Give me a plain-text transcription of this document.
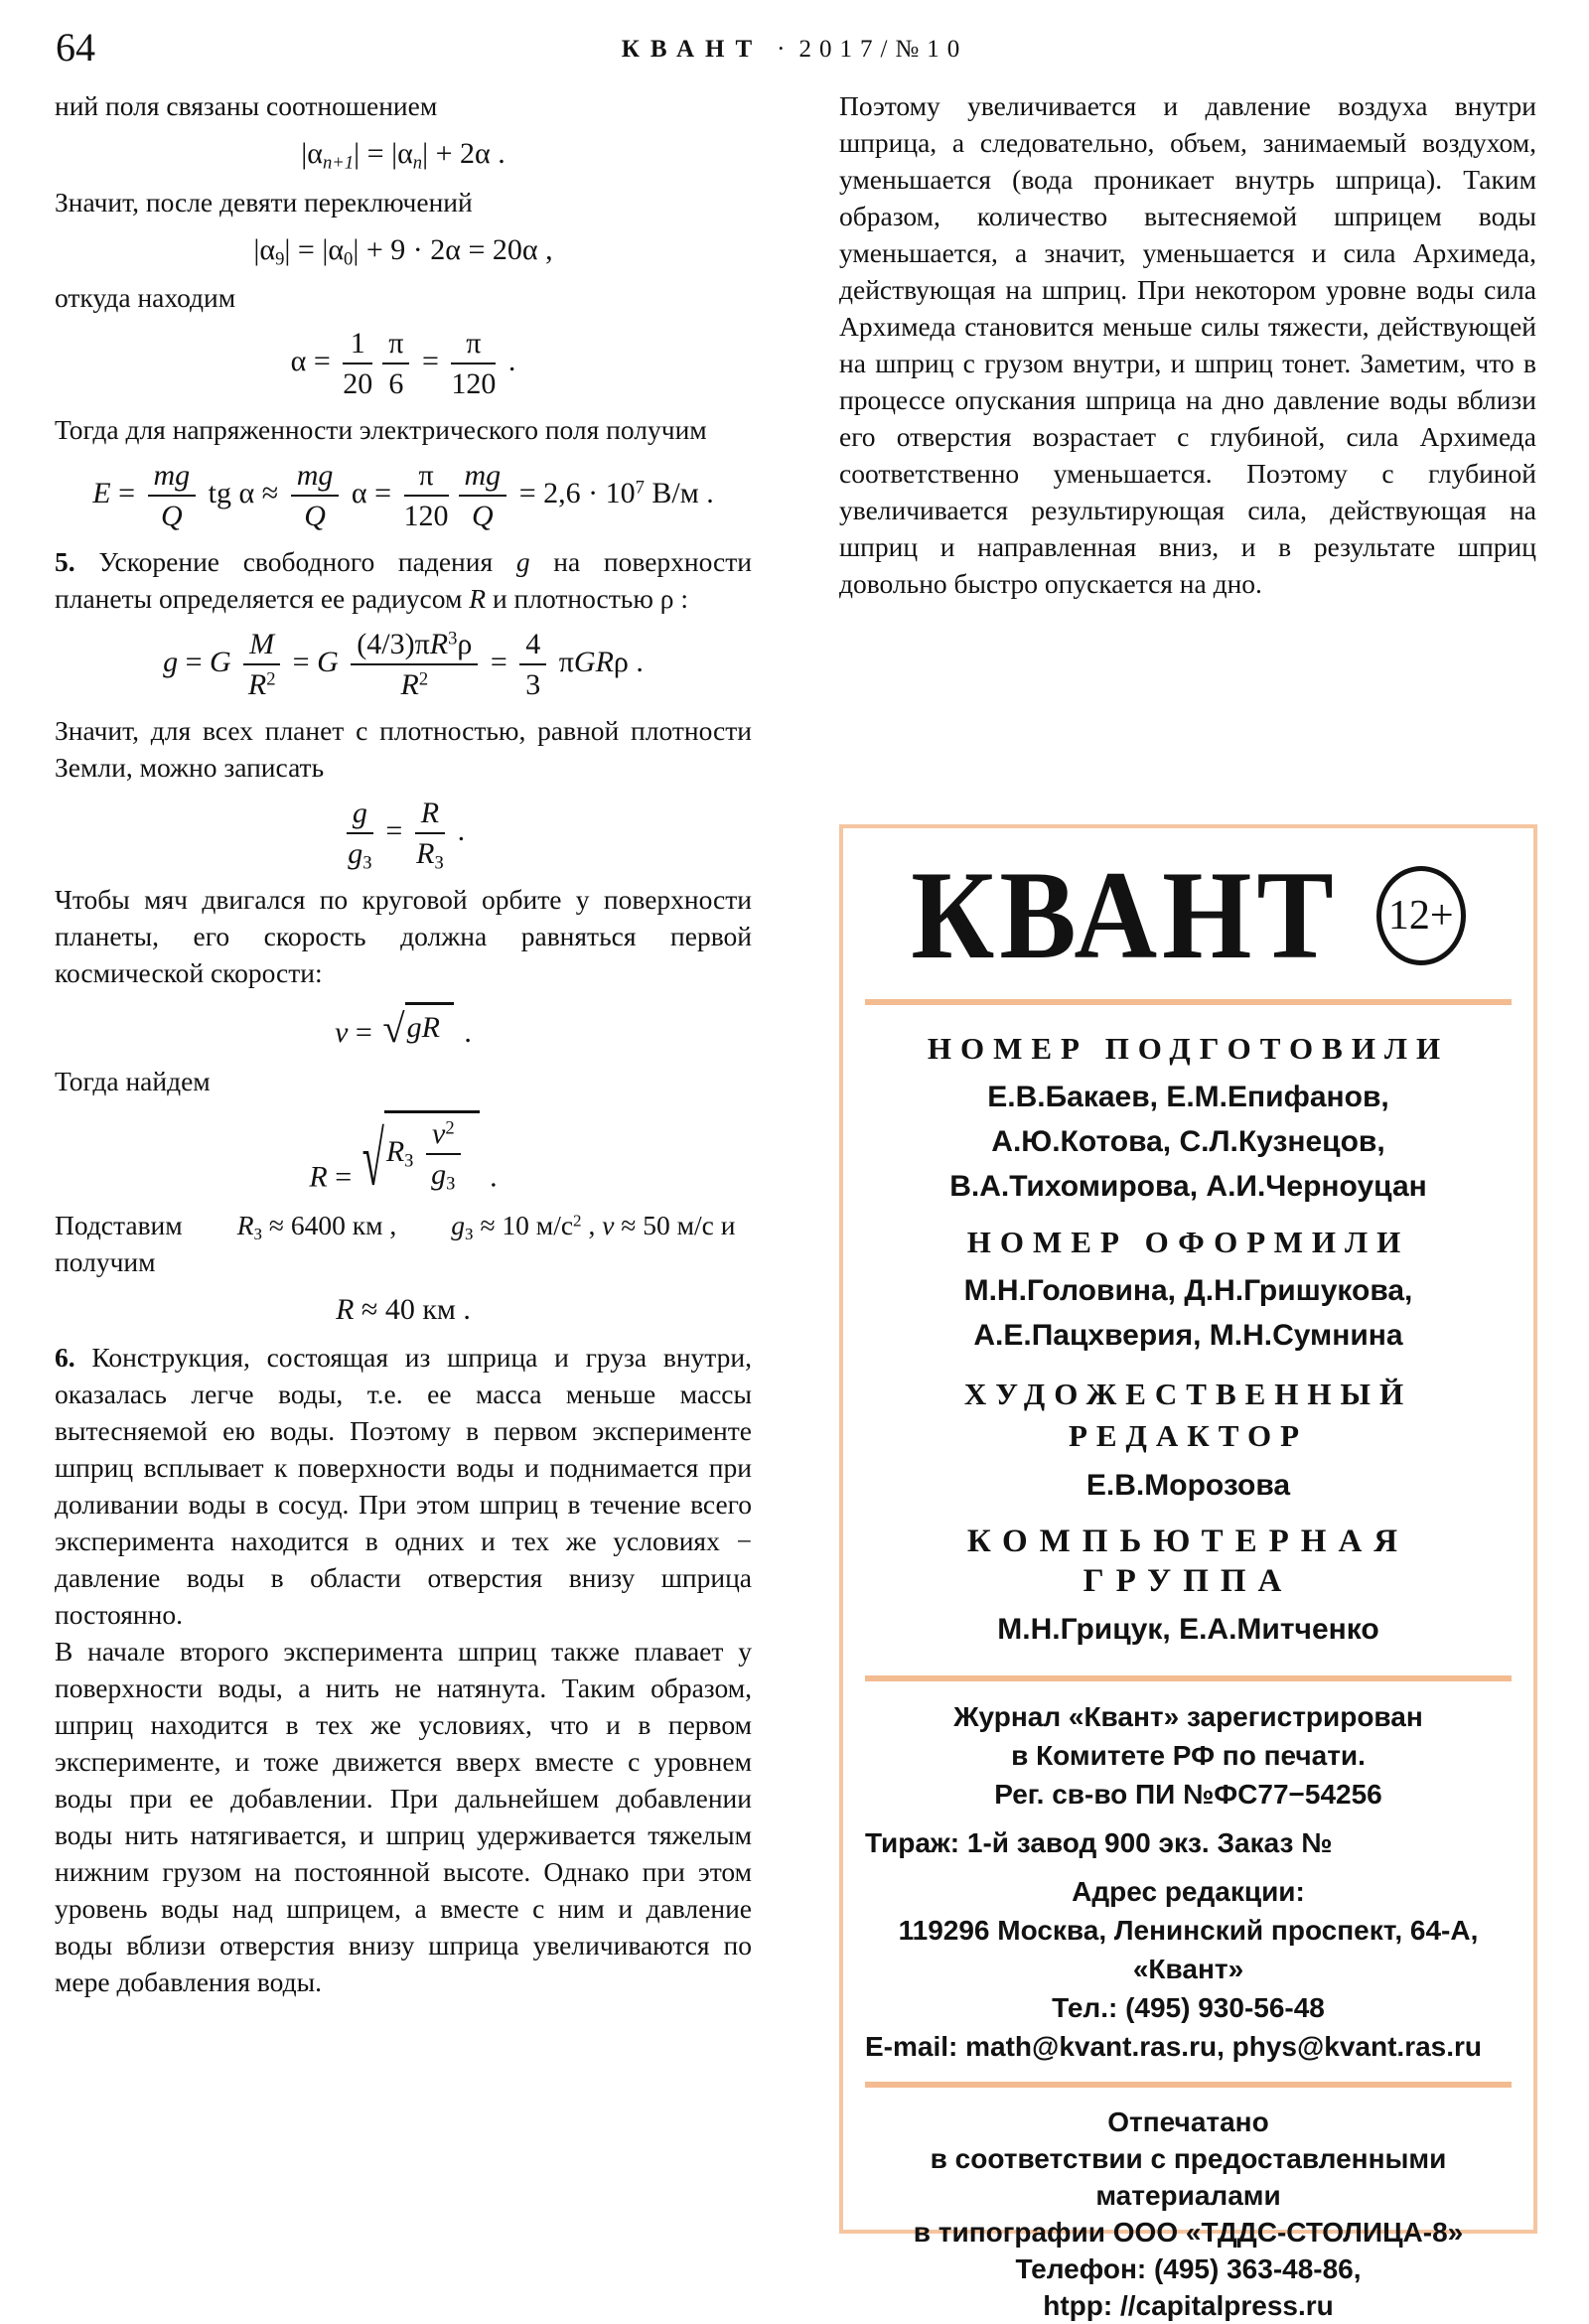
64	КВАНТ · 2017/№10
ний поля связаны соотношением
$|\alpha_{n+1}| = |\alpha_n| + 2\alpha$ .
Значит, после девяти переключений
$|\alpha_9| = |\alpha_0| + 9 \cdot 2\alpha = 20\alpha$ ,
откуда находим
$\alpha = \frac{1}{20} \frac{\pi}{6} = \frac{\pi}{120}$ .
Тогда для напряженности электрического поля получим
$E = \frac{mg}{Q}$ tg $\alpha \approx \frac{mg}{Q}$ $\alpha = \frac{\pi}{120} \frac{mg}{Q} = 2,6 \cdot 10^7$ В/м .
5. Ускорение свободного падения g на поверхности планеты определяется ее радиусом R и плотностью ρ :
g = G $\frac{M}{R^2} = G \frac{(4/3)\pi R^3\rho}{R^2} = \frac{4}{3}$ πGRρ .
Значит, для всех планет с плотностью, равной плотности Земли, можно записать
$\frac{g}{g_З} = \frac{R}{R_З}$ .
Чтобы мяч двигался по круговой орбите у поверхности планеты, его скорость должна равняться первой космической скорости:
v = √ gR .
Тогда найдем
R = √ $R_З \frac{v^2}{g_З}$ .
Подставим  $R_З \approx 6400$ км ,  $g_З \approx 10$ $м/с^2$ , v ≈ 50 м/с и получим
R ≈ 40 км .
6. Конструкция, состоящая из шприца и груза внутри, оказалась легче воды, т.е. ее масса меньше массы вытесняемой ею воды. Поэтому в первом эксперименте шприц всплывает к поверхности воды и поднимается при доливании воды в сосуд. При этом шприц в течение всего эксперимента находится в одних и тех же условиях − давление воды в области отверстия внизу шприца постоянно.
В начале второго эксперимента шприц также плавает у поверхности воды, а нить не натянута. Таким образом, шприц находится в тех же условиях, что и в первом эксперименте, и тоже движется вверх вместе с уровнем воды при ее добавлении. При дальнейшем добавлении воды нить натягивается, и шприц удерживается тяжелым нижним грузом на постоянной высоте. Однако при этом уровень воды над шприцем, а вместе с ним и давление воды вблизи отверстия внизу шприца увеличиваются по мере добавления воды.
Поэтому увеличивается и давление воздуха внутри шприца, а следовательно, объем, занимаемый воздухом, уменьшается (вода проникает внутрь шприца). Таким образом, количество вытесняемой шприцем воды уменьшается, а значит, уменьшается и сила Архимеда, действующая на шприц. При некотором уровне воды сила Архимеда становится меньше силы тяжести, действующей на шприц с грузом внутри, и шприц тонет. Заметим, что в процессе опускания шприца на дно давление воды вблизи его отверстия возрастает с глубиной, сила Архимеда соответственно уменьшается. Поэтому с глубиной увеличивается результирующая сила, действующая на шприц и направленная вниз, и в результате шприц довольно быстро опускается на дно.
КВАНТ 12+
НОМЕР ПОДГОТОВИЛИ
Е.В.Бакаев, Е.М.Епифанов,
А.Ю.Котова, С.Л.Кузнецов,
В.А.Тихомирова, А.И.Черноуцан
НОМЕР ОФОРМИЛИ
М.Н.Головина, Д.Н.Гришукова,
А.Е.Пацхверия, М.Н.Сумнина
ХУДОЖЕСТВЕННЫЙ
РЕДАКТОР
Е.В.Морозова
КОМПЬЮТЕРНАЯ ГРУППА
М.Н.Грицук, Е.А.Митченко
Журнал «Квант» зарегистрирован
в Комитете РФ по печати.
Рег. св-во ПИ №ФС77−54256
Тираж: 1-й завод 900 экз. Заказ №
Адрес редакции:
119296 Москва, Ленинский проспект, 64-А,
«Квант»
Тел.: (495) 930-56-48
E-mail: math@kvant.ras.ru, phys@kvant.ras.ru
Отпечатано
в соответствии с предоставленными
материалами
в типографии ООО «ТДДС-СТОЛИЦА-8»
Телефон: (495) 363-48-86,
htpp: //capitalpress.ru
